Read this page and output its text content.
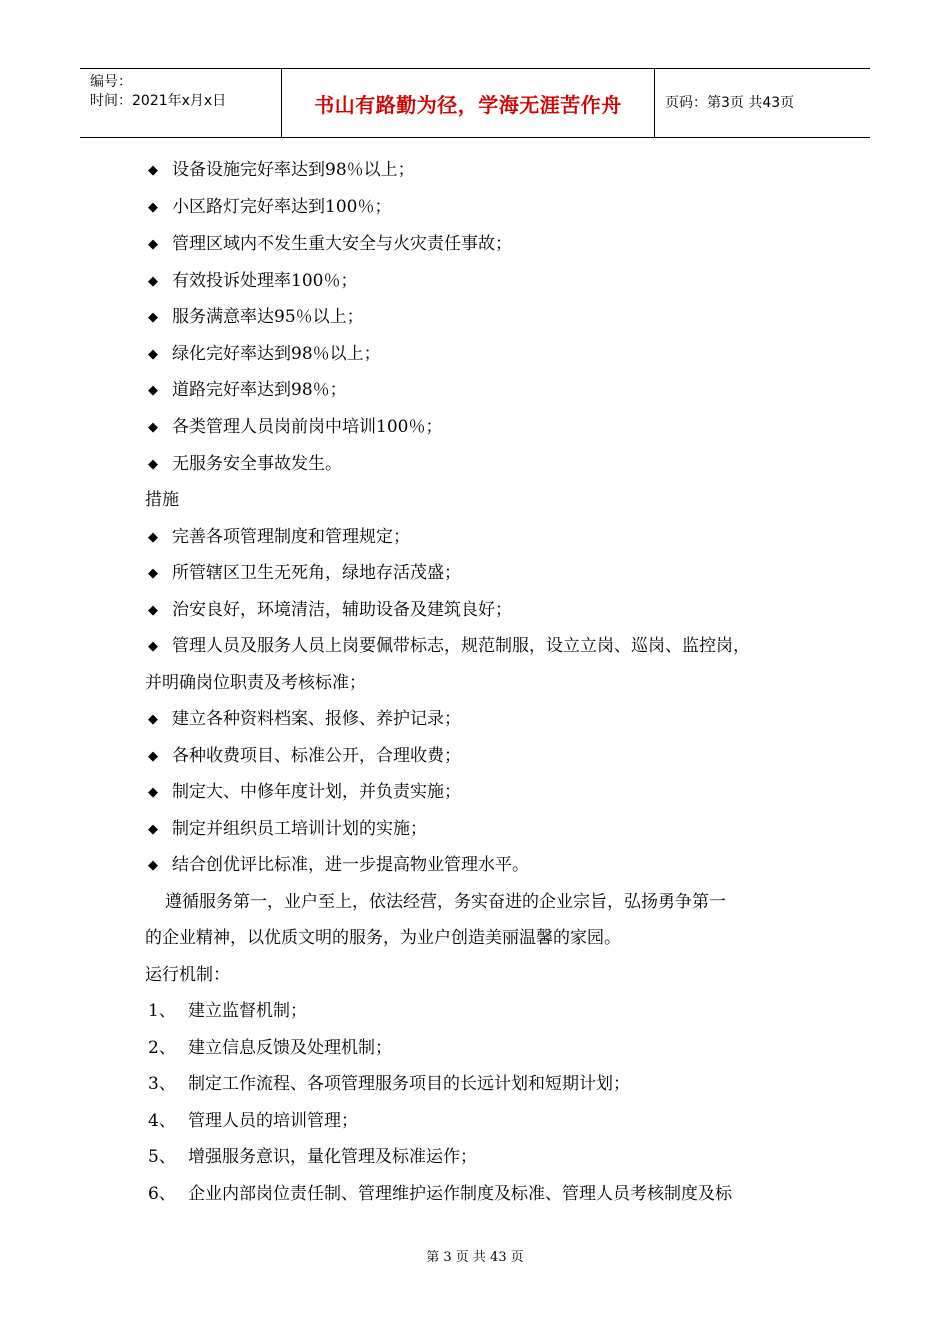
编号：
时间：2021年x月x日	书山有路勤为径，学海无涯苦作舟	页码：第3页 共43页
◆ 设备设施完好率达到98％以上；
◆ 小区路灯完好率达到100％；
◆ 管理区域内不发生重大安全与火灾责任事故；
◆ 有效投诉处理率100％；
◆ 服务满意率达95％以上；
◆ 绿化完好率达到98％以上；
◆ 道路完好率达到98％；
◆ 各类管理人员岗前岗中培训100％；
◆ 无服务安全事故发生。
措施
◆ 完善各项管理制度和管理规定；
◆ 所管辖区卫生无死角，绿地存活茂盛；
◆ 治安良好，环境清洁，辅助设备及建筑良好；
◆ 管理人员及服务人员上岗要佩带标志，规范制服，设立立岗、巡岗、监控岗，
并明确岗位职责及考核标准；
◆ 建立各种资料档案、报修、养护记录；
◆ 各种收费项目、标准公开，合理收费；
◆ 制定大、中修年度计划，并负责实施；
◆ 制定并组织员工培训计划的实施；
◆ 结合创优评比标准，进一步提高物业管理水平。
遵循服务第一，业户至上，依法经营，务实奋进的企业宗旨，弘扬勇争第一
的企业精神，以优质文明的服务，为业户创造美丽温馨的家园。
运行机制：
1、 建立监督机制；
2、 建立信息反馈及处理机制；
3、 制定工作流程、各项管理服务项目的长远计划和短期计划；
4、 管理人员的培训管理；
5、 增强服务意识，量化管理及标准运作；
6、 企业内部岗位责任制、管理维护运作制度及标准、管理人员考核制度及标
第 3 页 共 43 页
